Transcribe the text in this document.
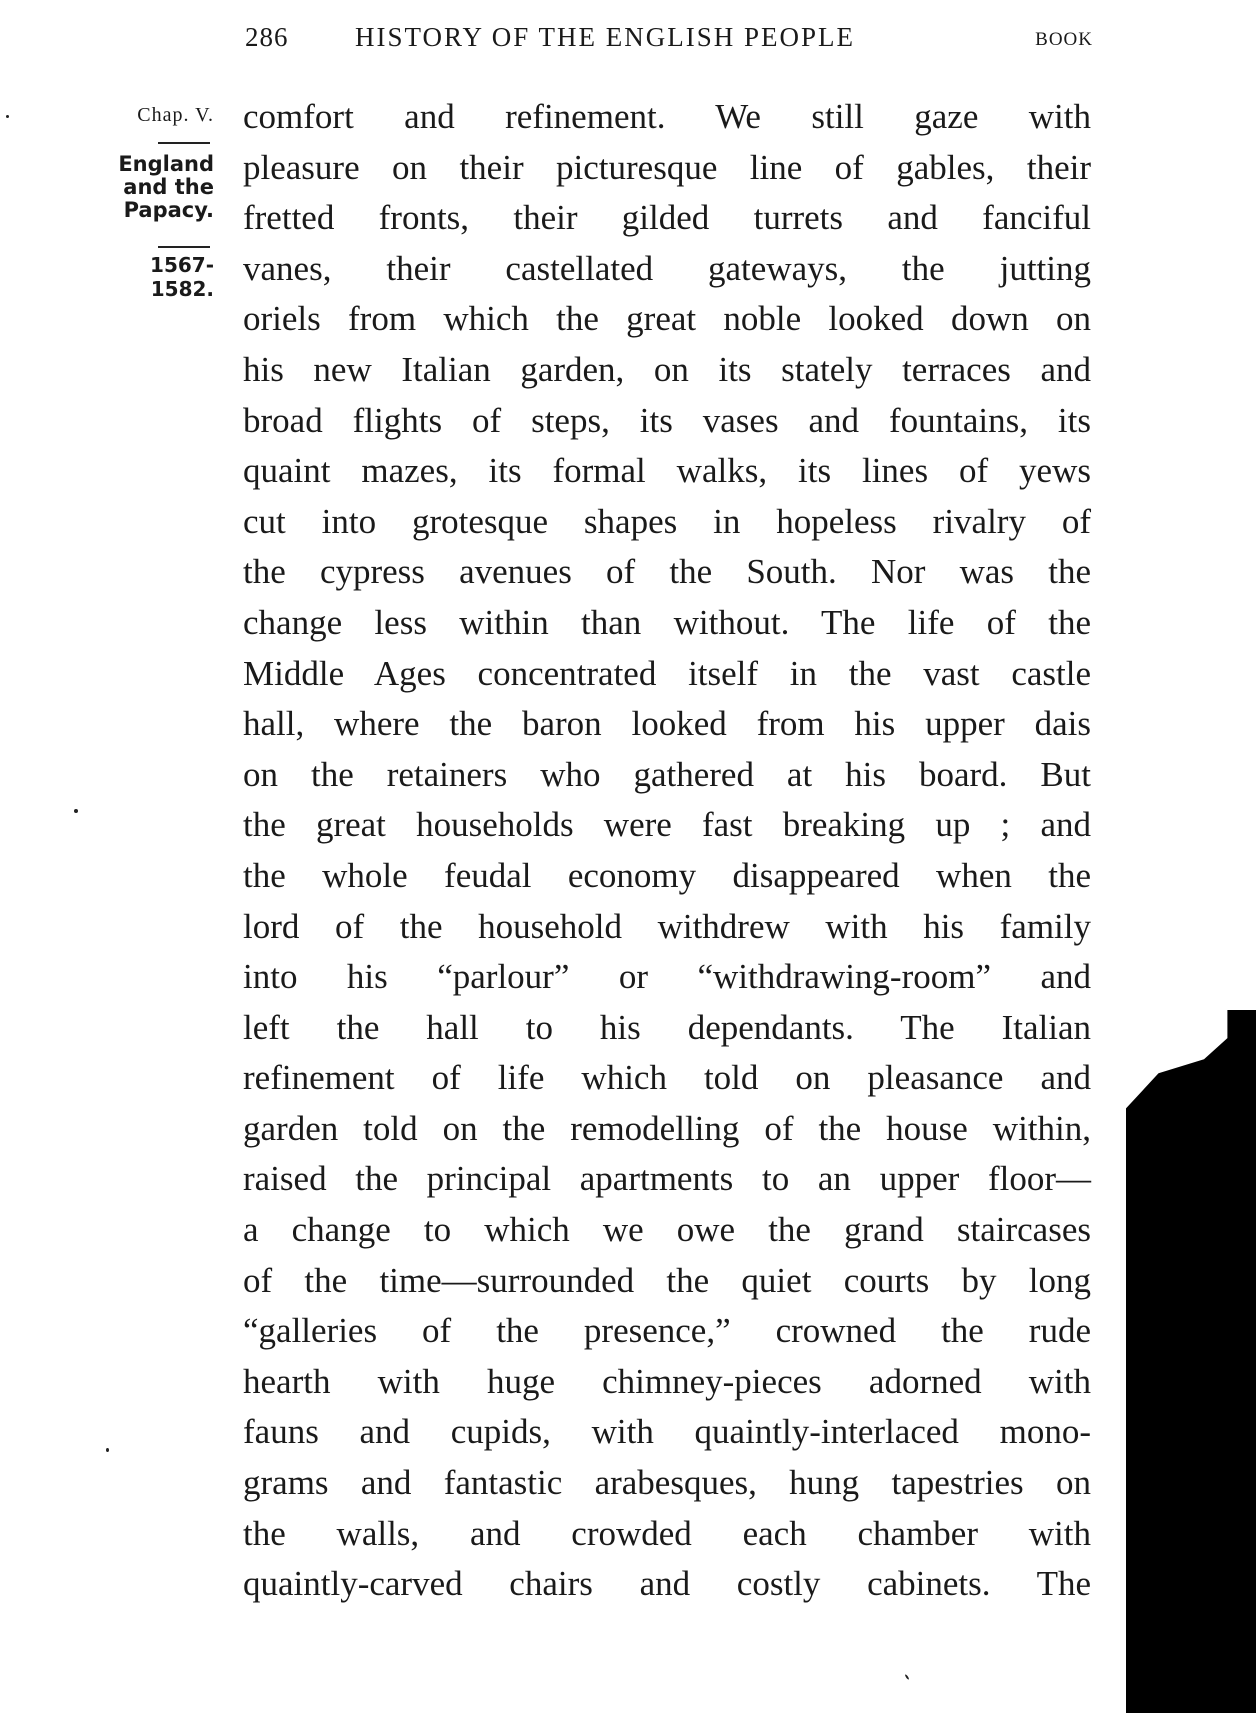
286 HISTORY OF THE ENGLISH PEOPLE	BOOK
Chap. V.
England
and the
Papacy.
1567-1582.
comfort and refinement. We still gaze with
pleasure on their picturesque line of gables, their
fretted fronts, their gilded turrets and fanciful
vanes, their castellated gateways, the jutting
oriels from which the great noble looked down on
his new Italian garden, on its stately terraces and
broad flights of steps, its vases and fountains, its
quaint mazes, its formal walks, its lines of yews
cut into grotesque shapes in hopeless rivalry of
the cypress avenues of the South. Nor was the
change less within than without. The life of the
Middle Ages concentrated itself in the vast castle
hall, where the baron looked from his upper dais
on the retainers who gathered at his board. But
the great households were fast breaking up ; and
the whole feudal economy disappeared when the
lord of the household withdrew with his family
into his “parlour” or “withdrawing-room” and
left the hall to his dependants. The Italian
refinement of life which told on pleasance and
garden told on the remodelling of the house within,
raised the principal apartments to an upper floor—
a change to which we owe the grand staircases
of the time—surrounded the quiet courts by long
“galleries of the presence,” crowned the rude
hearth with huge chimney-pieces adorned with
fauns and cupids, with quaintly-interlaced mono-
grams and fantastic arabesques, hung tapestries on
the walls, and crowded each chamber with
quaintly-carved chairs and costly cabinets. The
